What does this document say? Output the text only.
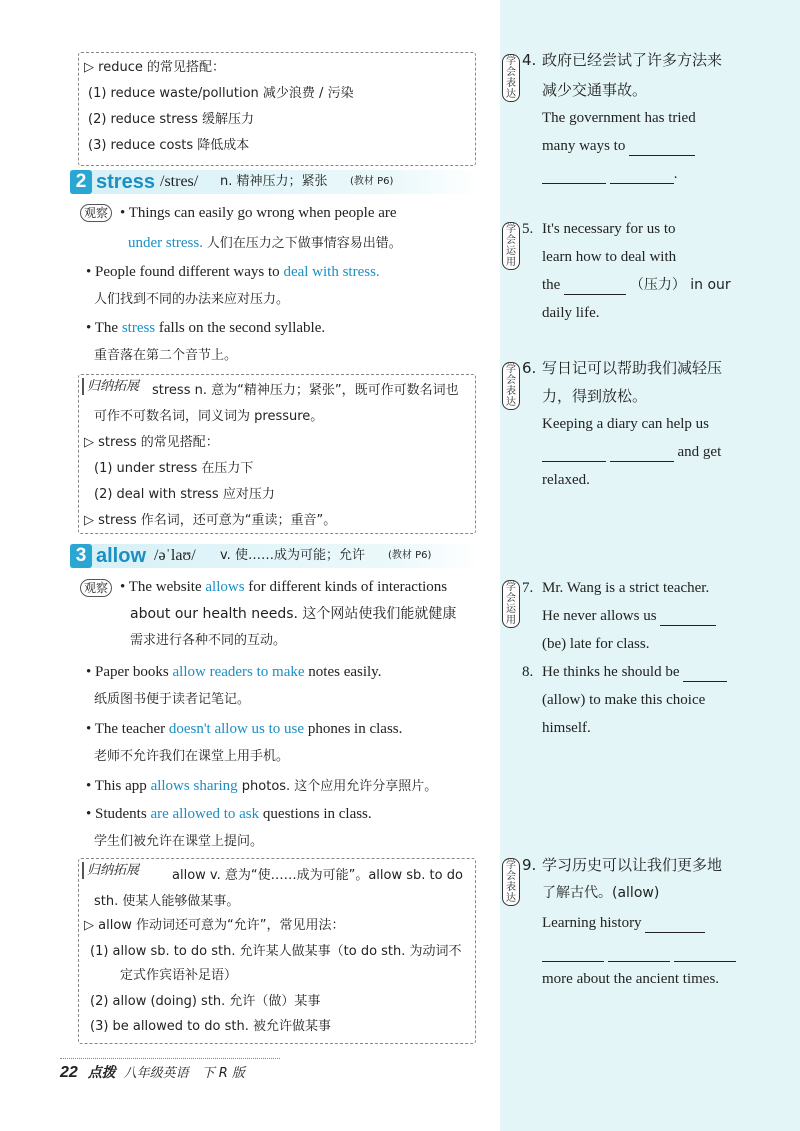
▷ reduce 的常见搭配：
(1) reduce waste/pollution 减少浪费 / 污染
(2) reduce stress 缓解压力
(3) reduce costs 降低成本
2 stress /stres/ n. 精神压力；紧张 (教材 P6)
观察 • Things can easily go wrong when people are
under stress. 人们在压力之下做事情容易出错。
• People found different ways to deal with stress.
人们找到不同的办法来应对压力。
• The stress falls on the second syllable.
重音落在第二个音节上。
归纳拓展 stress n. 意为“精神压力；紧张”，既可作可数名词也
可作不可数名词，同义词为 pressure。
▷ stress 的常见搭配：
(1) under stress 在压力下
(2) deal with stress 应对压力
▷ stress 作名词，还可意为“重读；重音”。
3 allow /əˈlaʊ/ v. 使……成为可能；允许 (教材 P6)
观察 • The website allows for different kinds of interactions
about our health needs. 这个网站使我们能就健康
需求进行各种不同的互动。
• Paper books allow readers to make notes easily.
纸质图书便于读者记笔记。
• The teacher doesn't allow us to use phones in class.
老师不允许我们在课堂上用手机。
• This app allows sharing photos. 这个应用允许分享照片。
• Students are allowed to ask questions in class.
学生们被允许在课堂上提问。
归纳拓展	allow v. 意为“使……成为可能”。allow sb. to do
sth. 使某人能够做某事。
▷ allow 作动词还可意为“允许”，常见用法：
(1) allow sb. to do sth. 允许某人做某事（to do sth. 为动词不
定式作宾语补足语）
(2) allow (doing) sth. 允许（做）某事
(3) be allowed to do sth. 被允许做某事
学会表达
4. 政府已经尝试了许多方法来
减少交通事故。
The government has tried
many ways to
.
学会运用
5. It's necessary for us to
learn how to deal with
the	（压力） in our
daily life.
学会表达
6. 写日记可以帮助我们减轻压
力，得到放松。
Keeping a diary can help us
and get
relaxed.
学会运用
7. Mr. Wang is a strict teacher.
He never allows us
(be) late for class.
8. He thinks he should be
(allow) to make this choice
himself.
学会表达
9. 学习历史可以让我们更多地
了解古代。(allow)
Learning history

more about the ancient times.
22 点拨 八年级英语　下 R 版
